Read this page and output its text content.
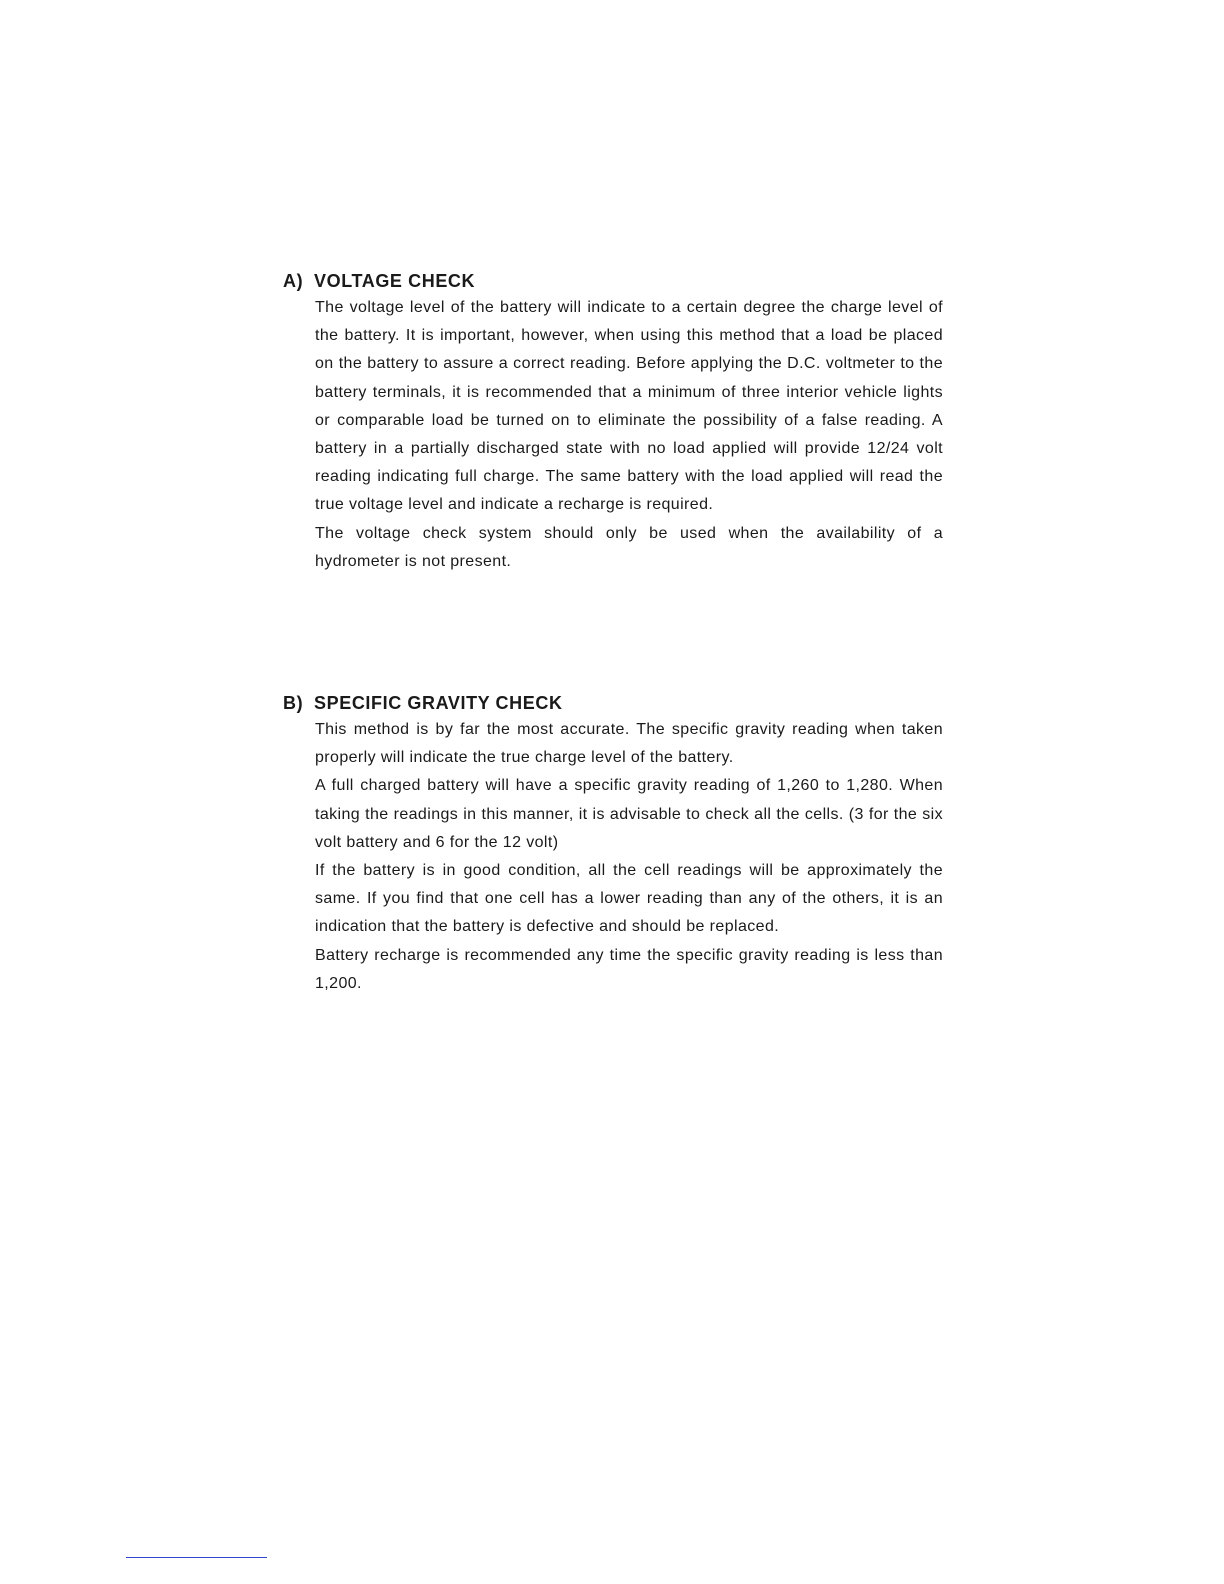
A) VOLTAGE CHECK

The voltage level of the battery will indicate to a certain degree the charge level of the battery. It is important, however, when using this method that a load be placed on the battery to assure a correct reading. Before applying the D.C. voltmeter to the battery terminals, it is recommended that a minimum of three interior vehicle lights or comparable load be turned on to eliminate the possibility of a false reading. A battery in a partially discharged state with no load applied will provide 12/24 volt reading indicating full charge. The same battery with the load applied will read the true voltage level and indicate a recharge is required.

The voltage check system should only be used when the availability of a hydrometer is not present.

B) SPECIFIC GRAVITY CHECK

This method is by far the most accurate. The specific gravity reading when taken properly will indicate the true charge level of the battery.

A full charged battery will have a specific gravity reading of 1,260 to 1,280. When taking the readings in this manner, it is advisable to check all the cells. (3 for the six volt battery and 6 for the 12 volt)

If the battery is in good condition, all the cell readings will be approximately the same. If you find that one cell has a lower reading than any of the others, it is an indication that the battery is defective and should be replaced.

Battery recharge is recommended any time the specific gravity reading is less than 1,200.
